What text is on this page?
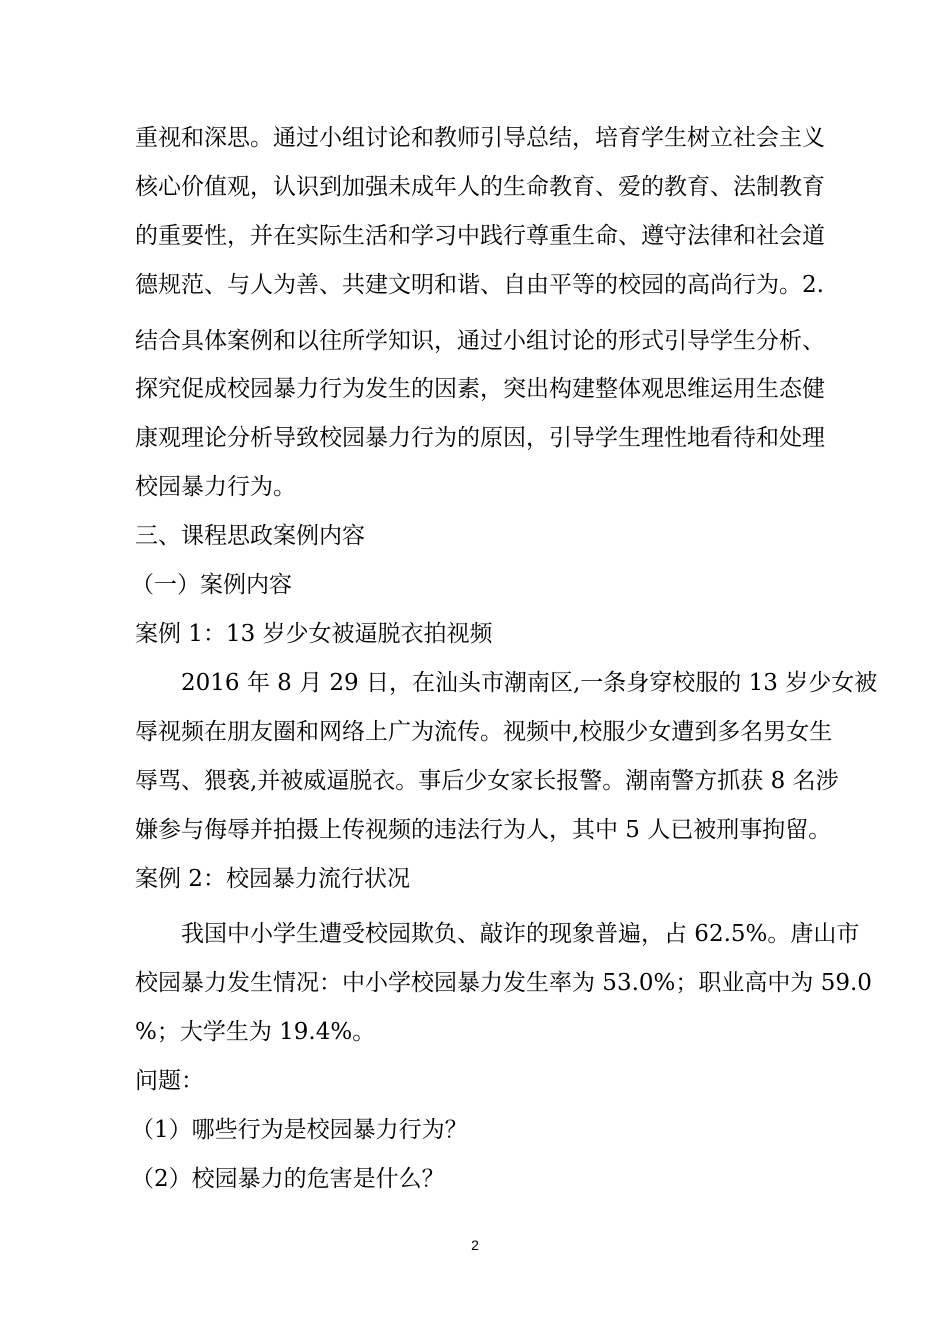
重视和深思。通过小组讨论和教师引导总结，培育学生树立社会主义
核心价值观，认识到加强未成年人的生命教育、爱的教育、法制教育
的重要性，并在实际生活和学习中践行尊重生命、遵守法律和社会道
德规范、与人为善、共建文明和谐、自由平等的校园的高尚行为。2.
结合具体案例和以往所学知识，通过小组讨论的形式引导学生分析、
探究促成校园暴力行为发生的因素，突出构建整体观思维运用生态健
康观理论分析导致校园暴力行为的原因，引导学生理性地看待和处理
校园暴力行为。
三、课程思政案例内容
（一）案例内容
案例 1：13 岁少女被逼脱衣拍视频
2016 年 8 月 29 日，在汕头市潮南区,一条身穿校服的 13 岁少女被
辱视频在朋友圈和网络上广为流传。视频中,校服少女遭到多名男女生
辱骂、猥亵,并被威逼脱衣。事后少女家长报警。潮南警方抓获 8 名涉
嫌参与侮辱并拍摄上传视频的违法行为人，其中 5 人已被刑事拘留。
案例 2：校园暴力流行状况
我国中小学生遭受校园欺负、敲诈的现象普遍，占 62.5%。唐山市
校园暴力发生情况：中小学校园暴力发生率为 53.0%；职业高中为 59.0
%；大学生为 19.4%。
问题：
（1）哪些行为是校园暴力行为？
（2）校园暴力的危害是什么？
2
